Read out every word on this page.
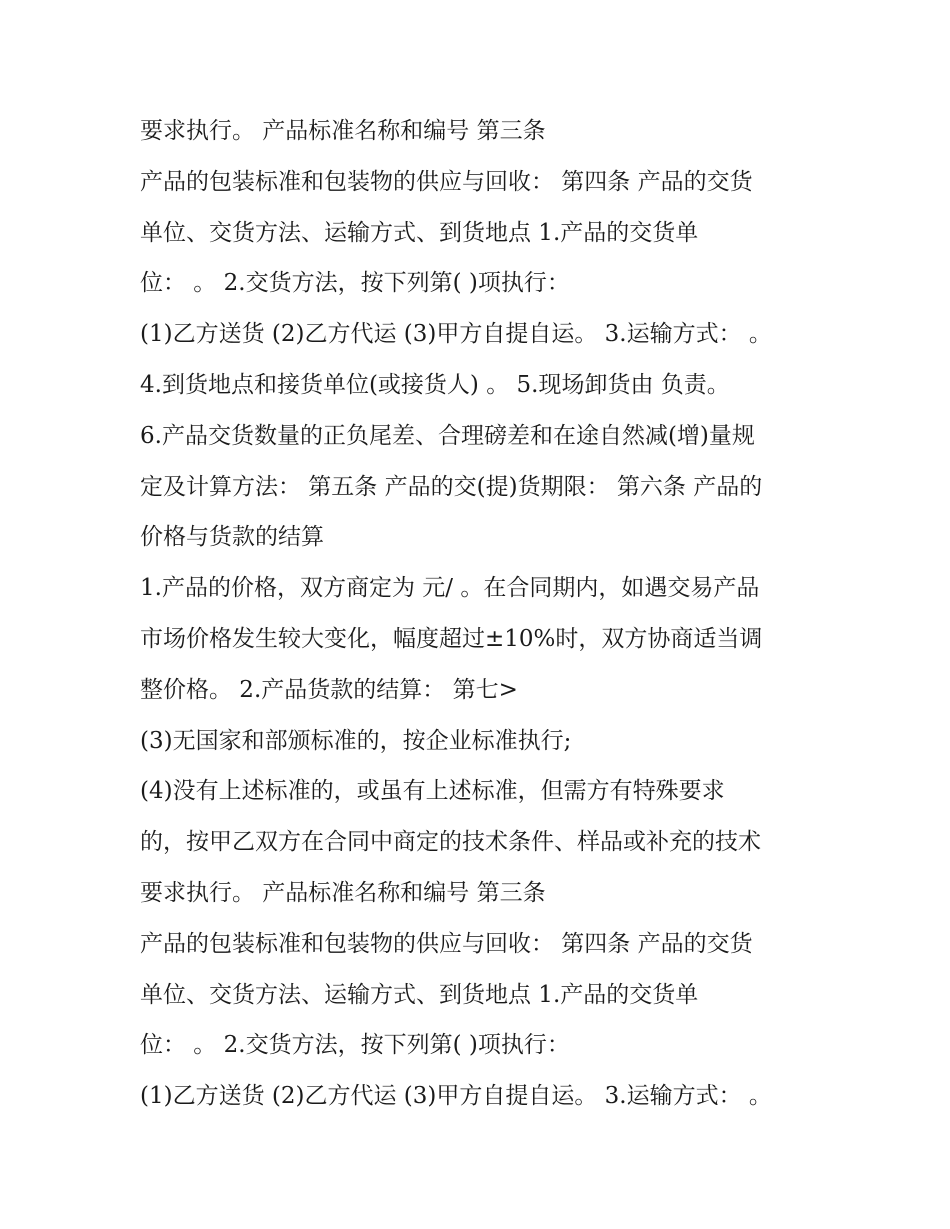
要求执行。 产品标准名称和编号 第三条
产品的包装标准和包装物的供应与回收： 第四条 产品的交货
单位、交货方法、运输方式、到货地点 1.产品的交货单
位： 。 2.交货方法，按下列第( )项执行：
(1)乙方送货 (2)乙方代运 (3)甲方自提自运。 3.运输方式： 。
4.到货地点和接货单位(或接货人) 。 5.现场卸货由 负责。
6.产品交货数量的正负尾差、合理磅差和在途自然减(增)量规
定及计算方法： 第五条 产品的交(提)货期限： 第六条 产品的
价格与货款的结算
1.产品的价格，双方商定为 元/ 。在合同期内，如遇交易产品
市场价格发生较大变化，幅度超过±10%时，双方协商适当调
整价格。 2.产品货款的结算： 第七>
(3)无国家和部颁标准的，按企业标准执行;
(4)没有上述标准的，或虽有上述标准，但需方有特殊要求
的，按甲乙双方在合同中商定的技术条件、样品或补充的技术
要求执行。 产品标准名称和编号 第三条
产品的包装标准和包装物的供应与回收： 第四条 产品的交货
单位、交货方法、运输方式、到货地点 1.产品的交货单
位： 。 2.交货方法，按下列第( )项执行：
(1)乙方送货 (2)乙方代运 (3)甲方自提自运。 3.运输方式： 。
